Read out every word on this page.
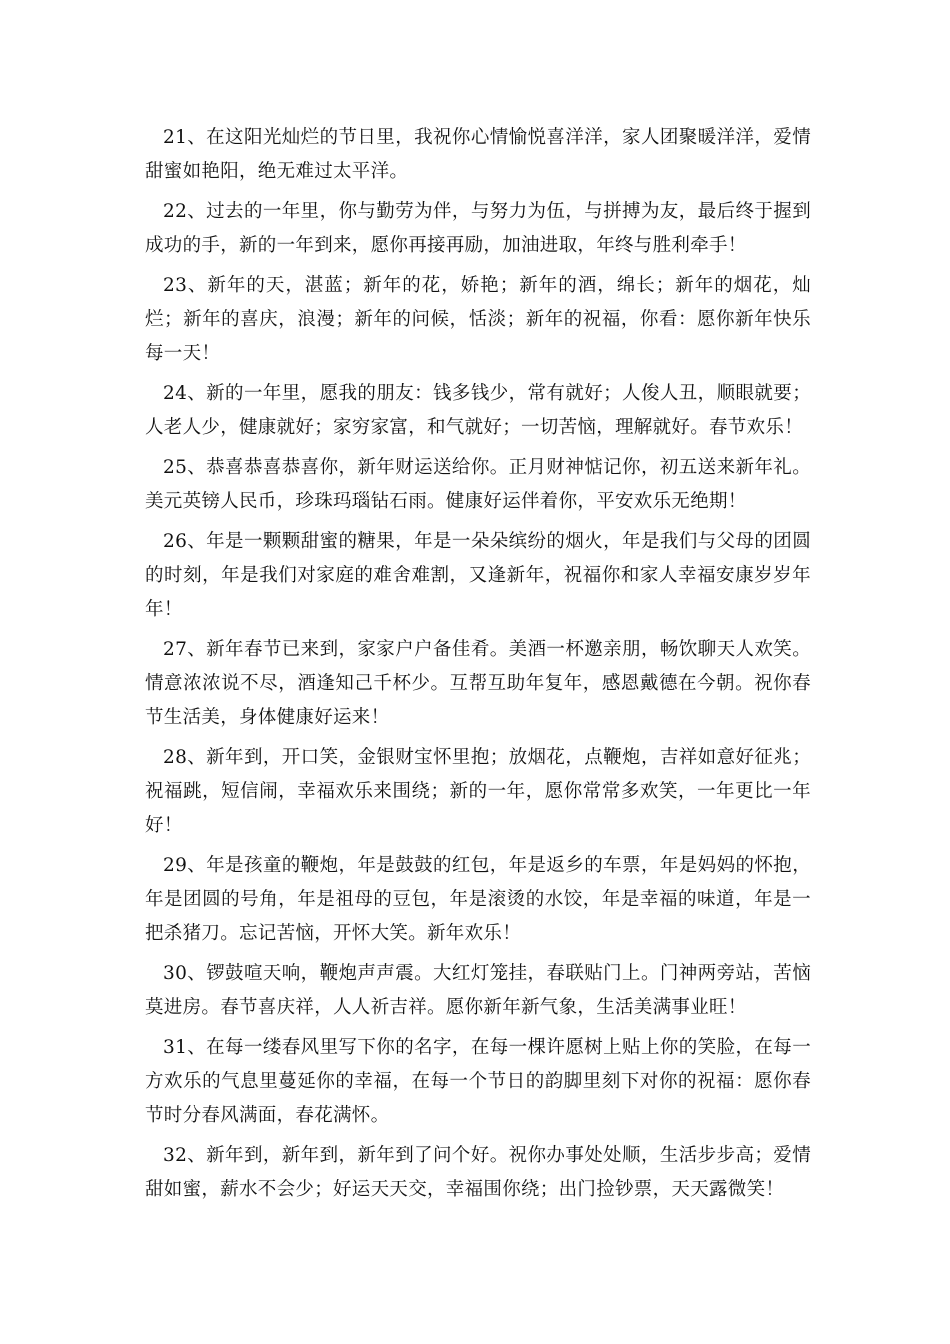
21、在这阳光灿烂的节日里，我祝你心情愉悦喜洋洋，家人团聚暖洋洋，爱情甜蜜如艳阳，绝无难过太平洋。

22、过去的一年里，你与勤劳为伴，与努力为伍，与拼搏为友，最后终于握到成功的手，新的一年到来，愿你再接再励，加油进取，年终与胜利牵手！

23、新年的天，湛蓝；新年的花，娇艳；新年的酒，绵长；新年的烟花，灿烂；新年的喜庆，浪漫；新年的问候，恬淡；新年的祝福，你看：愿你新年快乐每一天！

24、新的一年里，愿我的朋友：钱多钱少，常有就好；人俊人丑，顺眼就要；人老人少，健康就好；家穷家富，和气就好；一切苦恼，理解就好。春节欢乐！

25、恭喜恭喜恭喜你，新年财运送给你。正月财神惦记你，初五送来新年礼。美元英镑人民币，珍珠玛瑙钻石雨。健康好运伴着你，平安欢乐无绝期！

26、年是一颗颗甜蜜的糖果，年是一朵朵缤纷的烟火，年是我们与父母的团圆的时刻，年是我们对家庭的难舍难割，又逢新年，祝福你和家人幸福安康岁岁年年！

27、新年春节已来到，家家户户备佳肴。美酒一杯邀亲朋，畅饮聊天人欢笑。情意浓浓说不尽，酒逢知己千杯少。互帮互助年复年，感恩戴德在今朝。祝你春节生活美，身体健康好运来！

28、新年到，开口笑，金银财宝怀里抱；放烟花，点鞭炮，吉祥如意好征兆；祝福跳，短信闹，幸福欢乐来围绕；新的一年，愿你常常多欢笑，一年更比一年好！

29、年是孩童的鞭炮，年是鼓鼓的红包，年是返乡的车票，年是妈妈的怀抱，年是团圆的号角，年是祖母的豆包，年是滚烫的水饺，年是幸福的味道，年是一把杀猪刀。忘记苦恼，开怀大笑。新年欢乐！

30、锣鼓喧天响，鞭炮声声震。大红灯笼挂，春联贴门上。门神两旁站，苦恼莫进房。春节喜庆祥，人人祈吉祥。愿你新年新气象，生活美满事业旺！

31、在每一缕春风里写下你的名字，在每一棵许愿树上贴上你的笑脸，在每一方欢乐的气息里蔓延你的幸福，在每一个节日的韵脚里刻下对你的祝福：愿你春节时分春风满面，春花满怀。

32、新年到，新年到，新年到了问个好。祝你办事处处顺，生活步步高；爱情甜如蜜，薪水不会少；好运天天交，幸福围你绕；出门捡钞票，天天露微笑！
